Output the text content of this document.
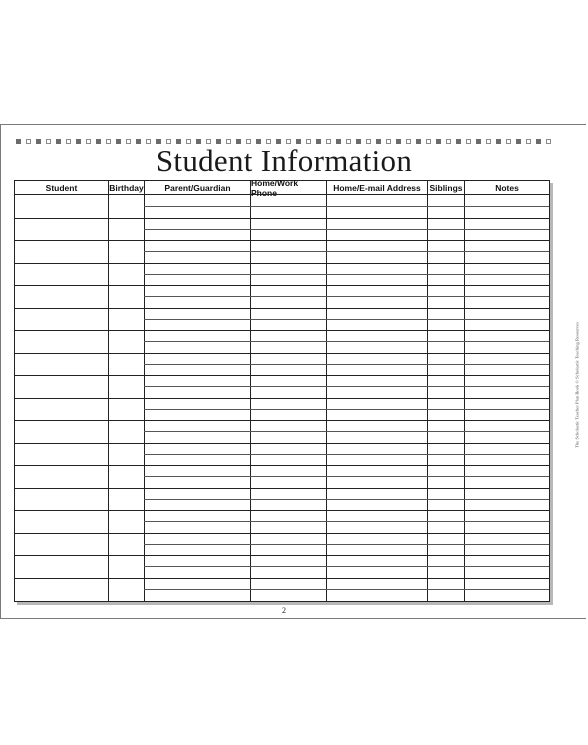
Student Information
Student	Birthday	Parent/Guardian	Home/Work Phone	Home/E-mail Address	Siblings	Notes
2
The Scholastic Teacher Plan Book © Scholastic Teaching Resources
